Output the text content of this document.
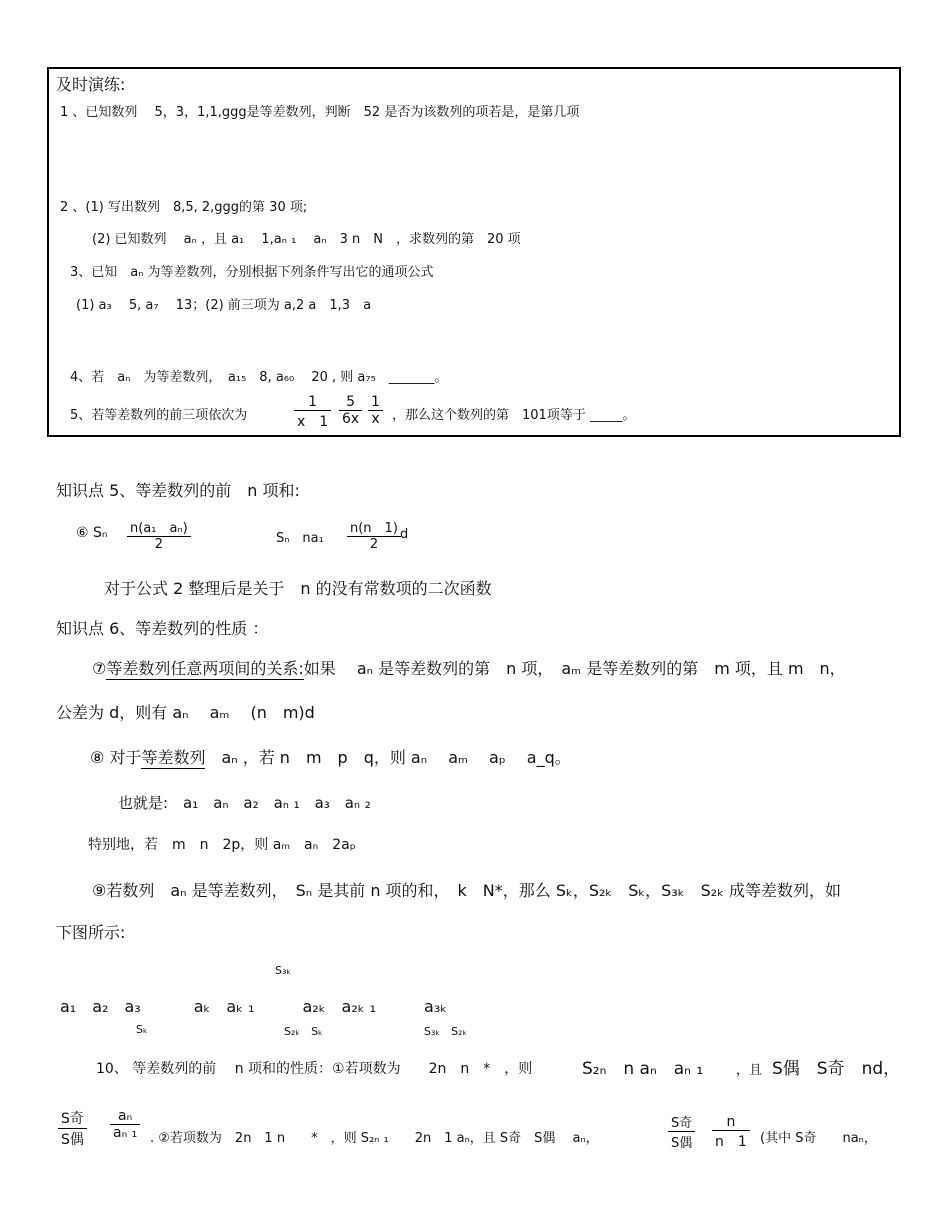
及时演练:
1 、已知数列　 5，3，1,1,ggg是等差数列，判断　52 是否为该数列的项若是，是第几项
2 、(1) 写出数列　8,5, 2,ggg的第 30 项;
(2) 已知数列　 aₙ ，且 a₁　 1,aₙ ₁　 aₙ　3 n　N　，求数列的第　20 项
3、已知　aₙ 为等差数列，分别根据下列条件写出它的通项公式
(1) a₃　 5, a₇　 13；(2) 前三项为 a,2 a　1,3　a
4、若　aₙ　为等差数列，　a₁₅　8, a₆₀　 20 , 则 a₇₅　_______。
5、若等差数列的前三项依次为	$\frac{1}{x 1} \frac{5}{6x} \frac{1}{x}$ ，那么这个数列的第　101项等于 _____。
知识点 5、等差数列的前　n 项和:
⑥ Sₙ $\frac{\text{n(a₁　aₙ)}}{2}$	Sₙ　$na_1 \frac{n(n 1)}{2}$ d
对于公式 2 整理后是关于　n 的没有常数项的二次函数
知识点 6、等差数列的性质 ：
⑦等差数列任意两项间的关系:如果　 aₙ 是等差数列的第　n 项，　aₘ 是等差数列的第　m 项，且 m　n，
公差为 d，则有 aₙ　 aₘ　 (n　m)d
⑧ 对于等差数列　aₙ ，若 n　m　p　q，则 aₙ　 aₘ　 aₚ　 a_q。
也就是:　a₁　aₙ　a₂　aₙ ₁　a₃　aₙ ₂
特别地，若　m　n　2p，则 aₘ　aₙ　2aₚ
⑨若数列　aₙ 是等差数列，　Sₙ 是其前 n 项的和，　k　N*，那么 Sₖ，S₂ₖ　Sₖ，S₃ₖ　S₂ₖ 成等差数列，如
下图所示:
S₃ₖ
a₁　a₂　a₃　　　 aₖ　aₖ ₁　　　a₂ₖ　a₂ₖ ₁　　　a₃ₖ
Sₖ	S₂ₖ　Sₖ	S₃ₖ　S₂ₖ
10、 等差数列的前　 n 项和的性质：①若项数为　　2n　n　*　，则	S₂ₙ　n aₙ　aₙ ₁	，且 S偶　S奇　nd，
S奇
S偶 $\frac{\text{aₙ}}{\text{aₙ ₁}}$ . ②若项数为　2n　1 n　　*　，则 S₂ₙ ₁　　2n　1 aₙ，且 S奇　S偶　 aₙ，
S奇
S偶 $\frac{n}{n 1}$ (其中 S奇　　naₙ，
